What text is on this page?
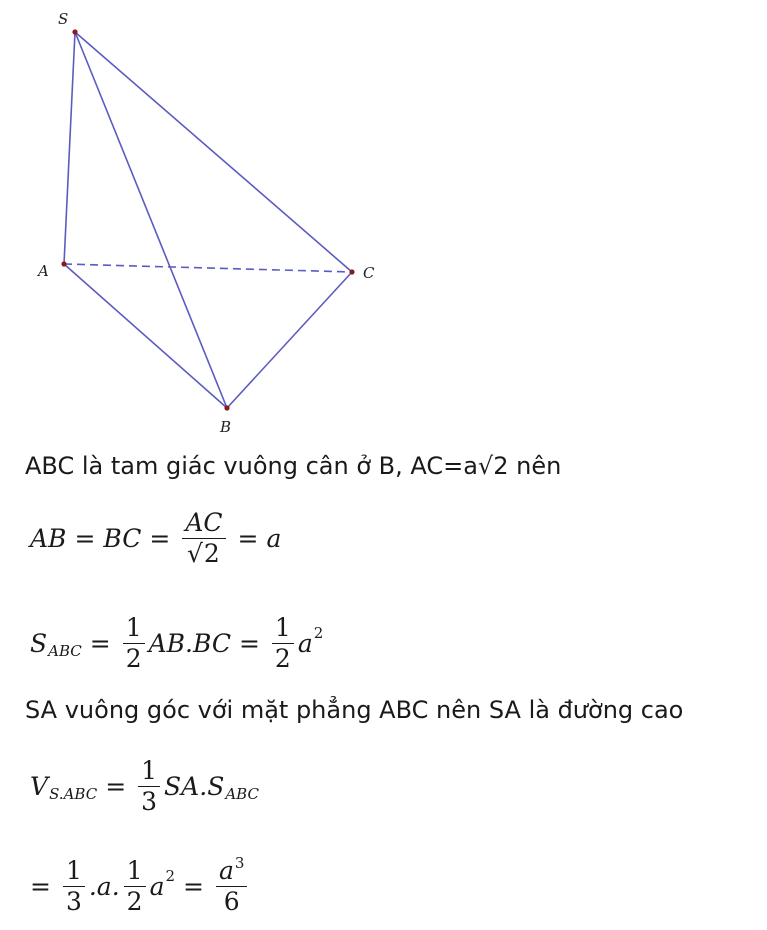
S
A
B
C
ABC là tam giác vuông cân ở B, AC=a√2 nên
AB = BC = $\frac{AC}{√2} = a$
S ABC = $\frac{1}{2} AB.BC = \frac{1}{2}$ a 2
SA vuông góc với mặt phẳng ABC nên SA là đường cao
V $S.ABC = \frac{1}{3}$ SA. S ABC
= $\frac{1}{3} .a$. $\frac{1}{2}$ a $2 = \frac{a^3}{6}$
